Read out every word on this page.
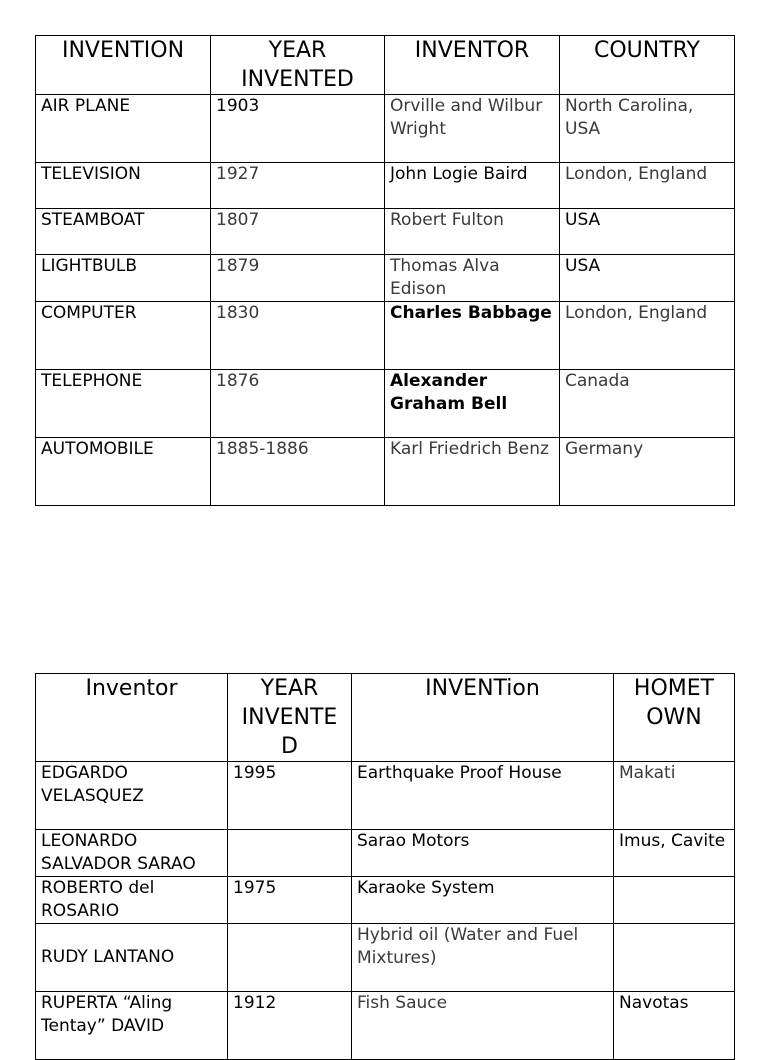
INVENTION	YEAR INVENTED	INVENTOR	COUNTRY
AIR PLANE	1903	Orville and Wilbur Wright	North Carolina, USA
TELEVISION	1927	John Logie Baird	London, England
STEAMBOAT	1807	Robert Fulton	USA
LIGHTBULB	1879	Thomas Alva Edison	USA
COMPUTER	1830	Charles Babbage	London, England
TELEPHONE	1876	Alexander Graham Bell	Canada
AUTOMOBILE	1885-1886	Karl Friedrich Benz	Germany
Inventor	YEAR INVENTE D	INVENTion	HOMET OWN
EDGARDO VELASQUEZ	1995	Earthquake Proof House	Makati
LEONARDO SALVADOR SARAO		Sarao Motors	Imus, Cavite
ROBERTO del ROSARIO	1975	Karaoke System	
RUDY LANTANO		Hybrid oil (Water and Fuel Mixtures)	
RUPERTA “Aling Tentay” DAVID	1912	Fish Sauce	Navotas
